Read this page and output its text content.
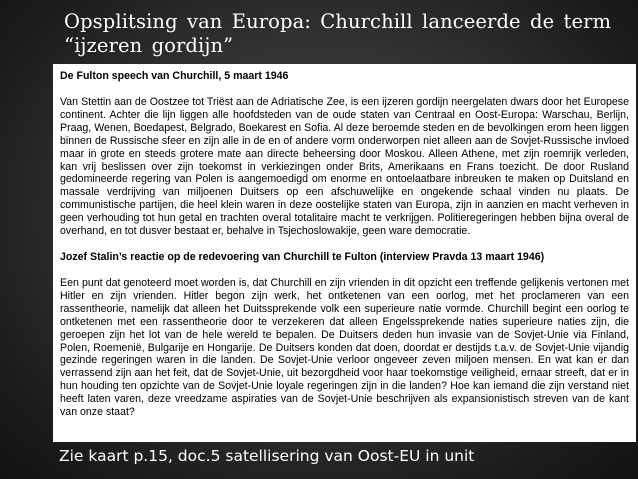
Opsplitsing van Europa: Churchill lanceerde de term
“ijzeren gordijn”

De Fulton speech van Churchill, 5 maart 1946

Van Stettin aan de Oostzee tot Triëst aan de Adriatische Zee, is een ijzeren gordijn neergelaten dwars door het Europese continent. Achter die lijn liggen alle hoofdsteden van de oude staten van Centraal en Oost-Europa: Warschau, Berlijn, Praag, Wenen, Boedapest, Belgrado, Boekarest en Sofia. Al deze beroemde steden en de bevolkingen erom heen liggen binnen de Russische sfeer en zijn alle in de en of andere vorm onderworpen niet alleen aan de Sovjet-Russische invloed maar in grote en steeds grotere mate aan directe beheersing door Moskou. Alleen Athene, met zijn roemrijk verleden, kan vrij beslissen over zijn toekomst in verkiezingen onder Brits, Amerikaans en Frans toezicht. De door Rusland gedomineerde regering van Polen is aangemoedigd om enorme en ontoelaatbare inbreuken te maken op Duitsland en massale verdrijving van miljoenen Duitsers op een afschuwelijke en ongekende schaal vinden nu plaats. De communistische partijen, die heel klein waren in deze oostelijke staten van Europa, zijn in aanzien en macht verheven in geen verhouding tot hun getal en trachten overal totalitaire macht te verkrijgen. Politieregeringen hebben bijna overal de overhand, en tot dusver bestaat er, behalve in Tsjechoslowakije, geen ware democratie.

Jozef Stalin’s reactie op de redevoering van Churchill te Fulton (interview Pravda 13 maart 1946)

Een punt dat genoteerd moet worden is, dat Churchill en zijn vrienden in dit opzicht een treffende gelijkenis vertonen met Hitler en zijn vrienden. Hitler begon zijn werk, het ontketenen van een oorlog, met het proclameren van een rassentheorie, namelijk dat alleen het Duitssprekende volk een superieure natie vormde. Churchill begint een oorlog te ontketenen met een rassentheorie door te verzekeren dat alleen Engelssprekende naties superieure naties zijn, die geroepen zijn het lot van de hele wereld te bepalen. De Duitsers deden hun invasie van de Sovjet-Unie via Finland, Polen, Roemenië, Bulgarije en Hongarije. De Duitsers konden dat doen, doordat er destijds t.a.v. de Sovjet-Unie vijandig gezinde regeringen waren in die landen. De Sovjet-Unie verloor ongeveer zeven miljoen mensen. En wat kan er dan verrassend zijn aan het feit, dat de Sovjet-Unie, uit bezorgdheid voor haar toekomstige veiligheid, ernaar streeft, dat er in hun houding ten opzichte van de Sovjet-Unie loyale regeringen zijn in die landen? Hoe kan iemand die zijn verstand niet heeft laten varen, deze vreedzame aspiraties van de Sovjet-Unie beschrijven als expansionistisch streven van de kant van onze staat?

Zie kaart p.15, doc.5 satellisering van Oost-EU in unit
